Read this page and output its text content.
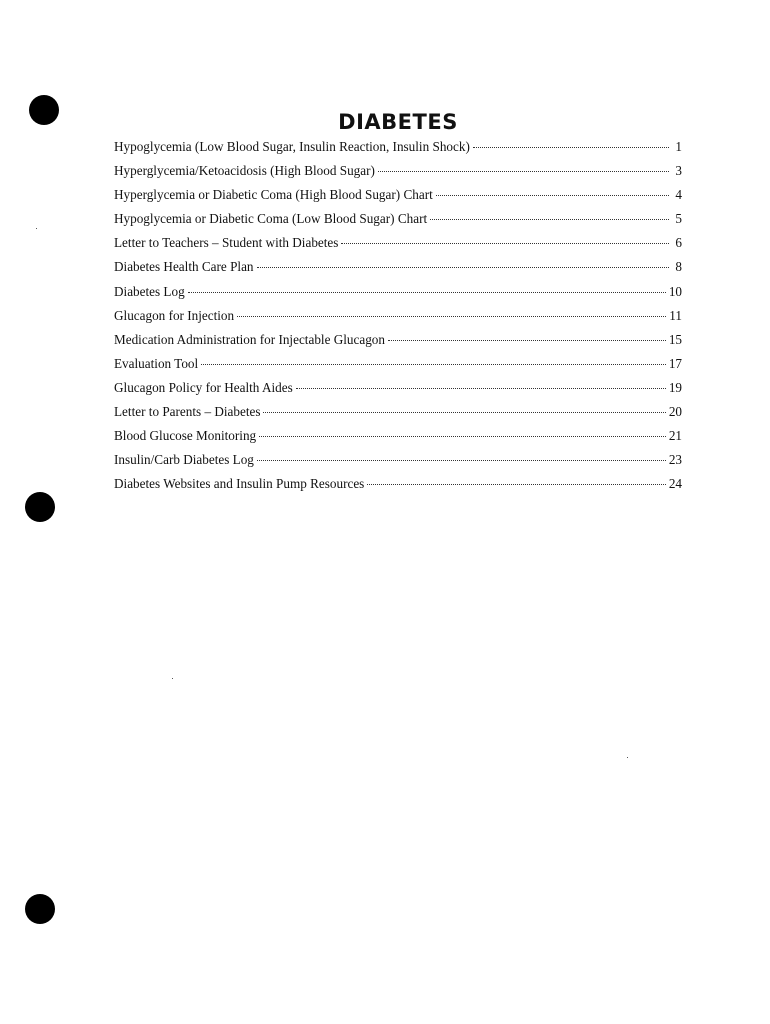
DIABETES
Hypoglycemia (Low Blood Sugar, Insulin Reaction, Insulin Shock)	1
Hyperglycemia/Ketoacidosis (High Blood Sugar)	3
Hyperglycemia or Diabetic Coma (High Blood Sugar) Chart	4
Hypoglycemia or Diabetic Coma (Low Blood Sugar) Chart	5
Letter to Teachers – Student with Diabetes	6
Diabetes Health Care Plan	8
Diabetes Log	10
Glucagon for Injection	11
Medication Administration for Injectable Glucagon	15
Evaluation Tool	17
Glucagon Policy for Health Aides	19
Letter to Parents – Diabetes	20
Blood Glucose Monitoring	21
Insulin/Carb Diabetes Log	23
Diabetes Websites and Insulin Pump Resources	24
